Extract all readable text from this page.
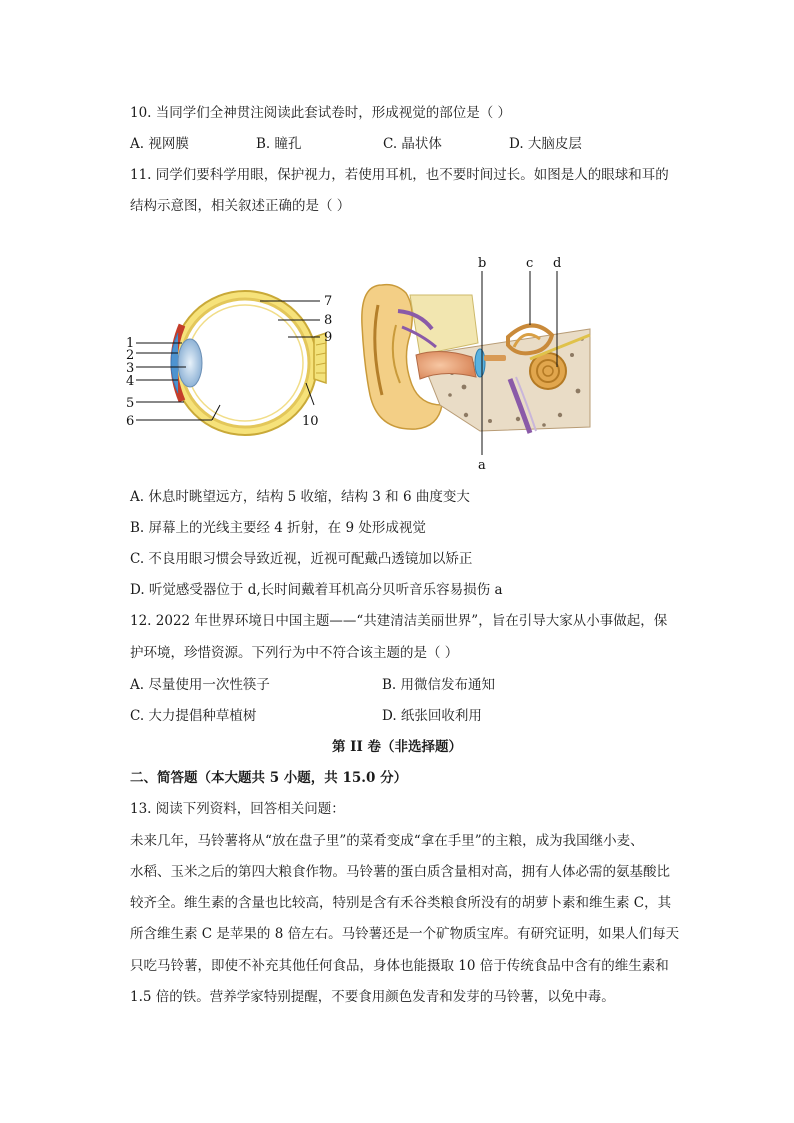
10. 当同学们全神贯注阅读此套试卷时，形成视觉的部位是（ ）
A. 视网膜	B. 瞳孔	C. 晶状体	D. 大脑皮层
11. 同学们要科学用眼，保护视力，若使用耳机，也不要时间过长。如图是人的眼球和耳的
结构示意图，相关叙述正确的是（ ）
1
2
3
4
5
6
7
8
9
10
b	c d
a
A. 休息时眺望远方，结构 5 收缩，结构 3 和 6 曲度变大
B. 屏幕上的光线主要经 4 折射，在 9 处形成视觉
C. 不良用眼习惯会导致近视，近视可配戴凸透镜加以矫正
D. 听觉感受器位于 d,长时间戴着耳机高分贝听音乐容易损伤 a
12. 2022 年世界环境日中国主题——“共建清洁美丽世界”，旨在引导大家从小事做起，保
护环境，珍惜资源。下列行为中不符合该主题的是（ ）
A. 尽量使用一次性筷子	B. 用微信发布通知
C. 大力提倡种草植树	D. 纸张回收利用
第 II 卷（非选择题）
二、简答题（本大题共 5 小题，共 15.0 分）
13. 阅读下列资料，回答相关问题：
未来几年，马铃薯将从“放在盘子里”的菜肴变成“拿在手里”的主粮，成为我国继小麦、
水稻、玉米之后的第四大粮食作物。马铃薯的蛋白质含量相对高，拥有人体必需的氨基酸比
较齐全。维生素的含量也比较高，特别是含有禾谷类粮食所没有的胡萝卜素和维生素 C，其
所含维生素 C 是苹果的 8 倍左右。马铃薯还是一个矿物质宝库。有研究证明，如果人们每天
只吃马铃薯，即使不补充其他任何食品，身体也能摄取 10 倍于传统食品中含有的维生素和
1.5 倍的铁。营养学家特别提醒，不要食用颜色发青和发芽的马铃薯，以免中毒。
